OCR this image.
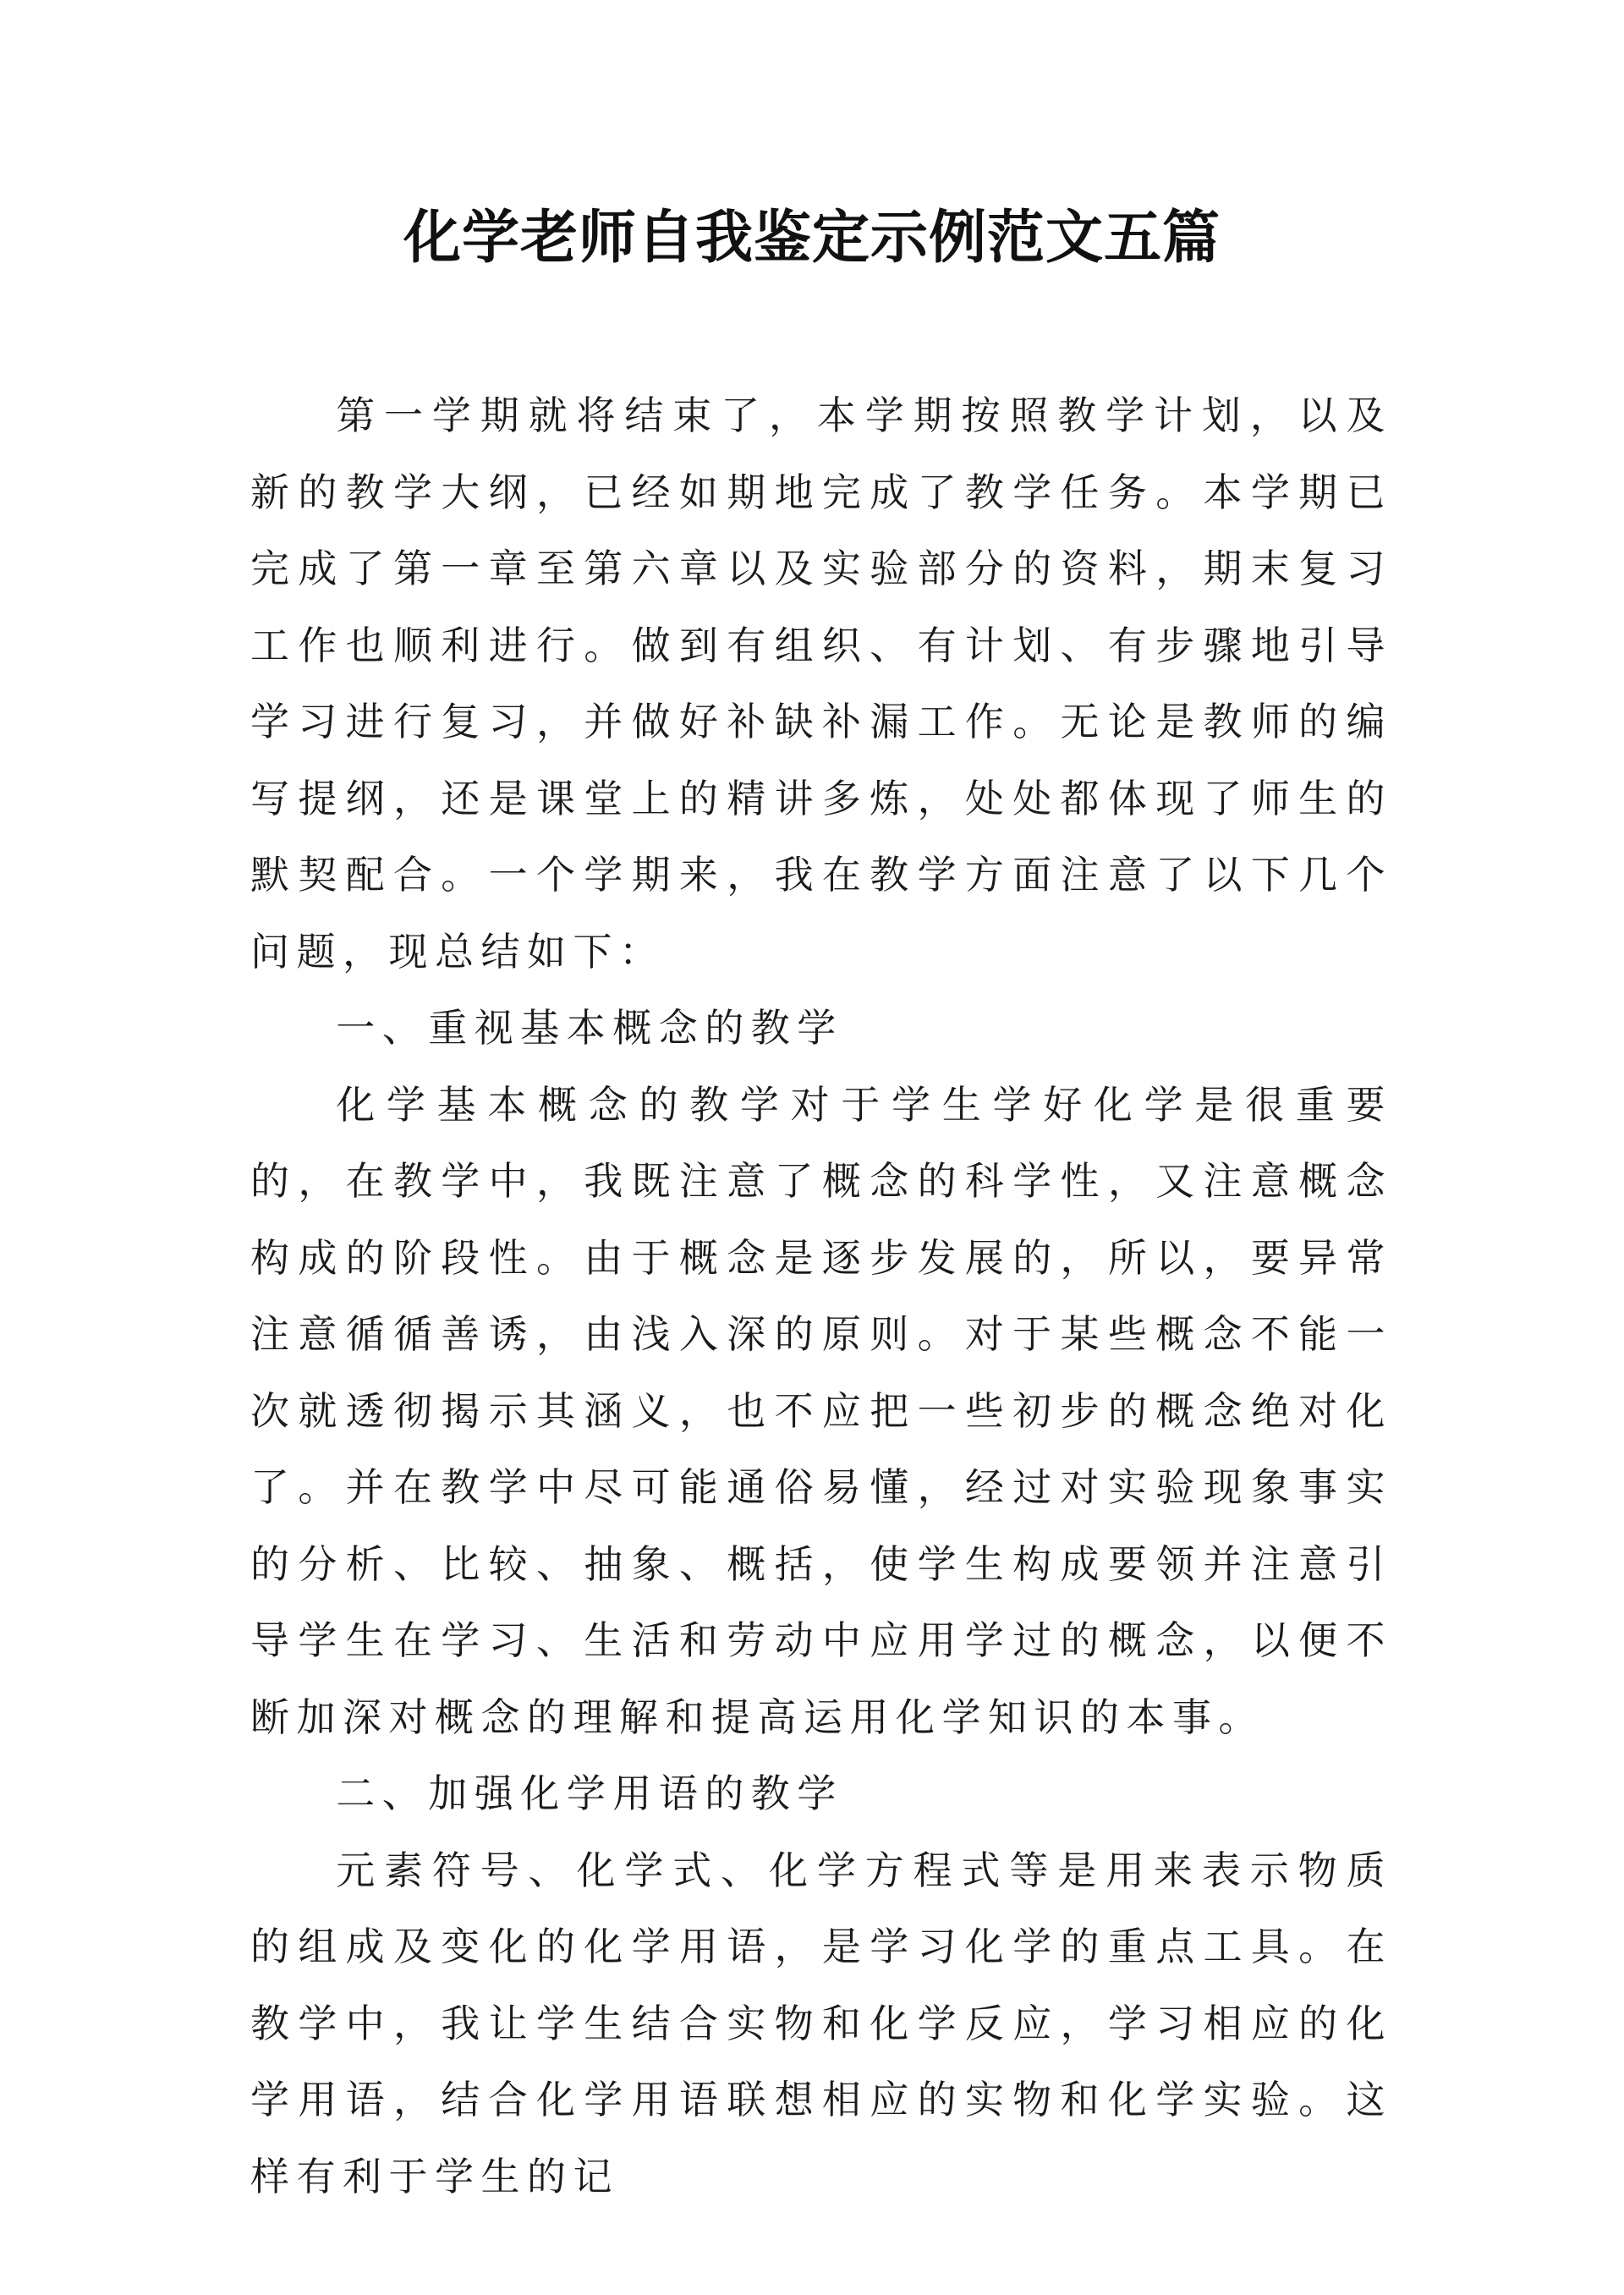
化学老师自我鉴定示例范文五篇

第一学期就将结束了，本学期按照教学计划，以及新的教学大纲，已经如期地完成了教学任务。本学期已完成了第一章至第六章以及实验部分的资料，期末复习工作也顺利进行。做到有组织、有计划、有步骤地引导学习进行复习，并做好补缺补漏工作。无论是教师的编写提纲，还是课堂上的精讲多炼，处处都体现了师生的默契配合。一个学期来，我在教学方面注意了以下几个问题，现总结如下：

一、重视基本概念的教学

化学基本概念的教学对于学生学好化学是很重要的，在教学中，我既注意了概念的科学性，又注意概念构成的阶段性。由于概念是逐步发展的，所以，要异常注意循循善诱，由浅入深的原则。对于某些概念不能一次就透彻揭示其涵义，也不应把一些初步的概念绝对化了。并在教学中尽可能通俗易懂，经过对实验现象事实的分析、比较、抽象、概括，使学生构成要领并注意引导学生在学习、生活和劳动中应用学过的概念，以便不断加深对概念的理解和提高运用化学知识的本事。

二、加强化学用语的教学

元素符号、化学式、化学方程式等是用来表示物质的组成及变化的化学用语，是学习化学的重点工具。在教学中，我让学生结合实物和化学反应，学习相应的化学用语，结合化学用语联想相应的实物和化学实验。这样有利于学生的记
